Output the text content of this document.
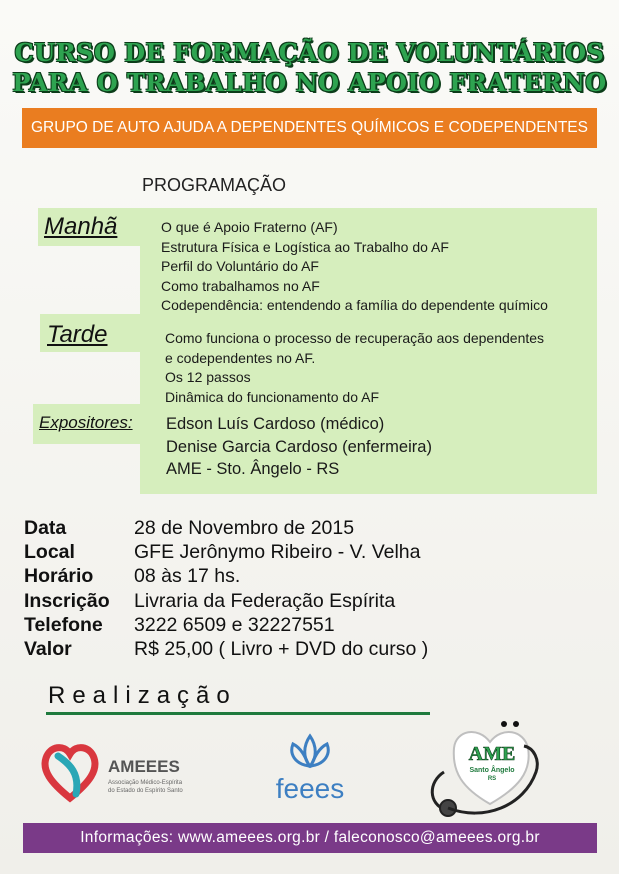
CURSO DE FORMAÇÃO DE VOLUNTÁRIOS
PARA O TRABALHO NO APOIO FRATERNO
GRUPO DE AUTO AJUDA A DEPENDENTES QUÍMICOS E CODEPENDENTES
PROGRAMAÇÃO
Manhã	O que é Apoio Fraterno (AF)
Estrutura Física e Logística ao Trabalho do AF
Perfil do Voluntário do AF
Como trabalhamos no AF
Codependência: entendendo a família do dependente químico
Tarde	Como funciona o processo de recuperação aos dependentes
e codependentes no AF.
Os 12 passos
Dinâmica do funcionamento do AF
Expositores: Edson Luís Cardoso (médico)
Denise Garcia Cardoso (enfermeira)
AME - Sto. Ângelo - RS
Data	28 de Novembro de 2015
Local	GFE Jerônymo Ribeiro - V. Velha
Horário	08 às 17 hs.
Inscrição	Livraria da Federação Espírita
Telefone	3222 6509 e 32227551
Valor	R$ 25,00 ( Livro + DVD do curso )
Realização
AMEEES
Associação Médico-Espírita
do Estado do Espírito Santo	feees
AME
Santo Ângelo
RS
Informações: www.ameees.org.br / faleconosco@ameees.org.br
